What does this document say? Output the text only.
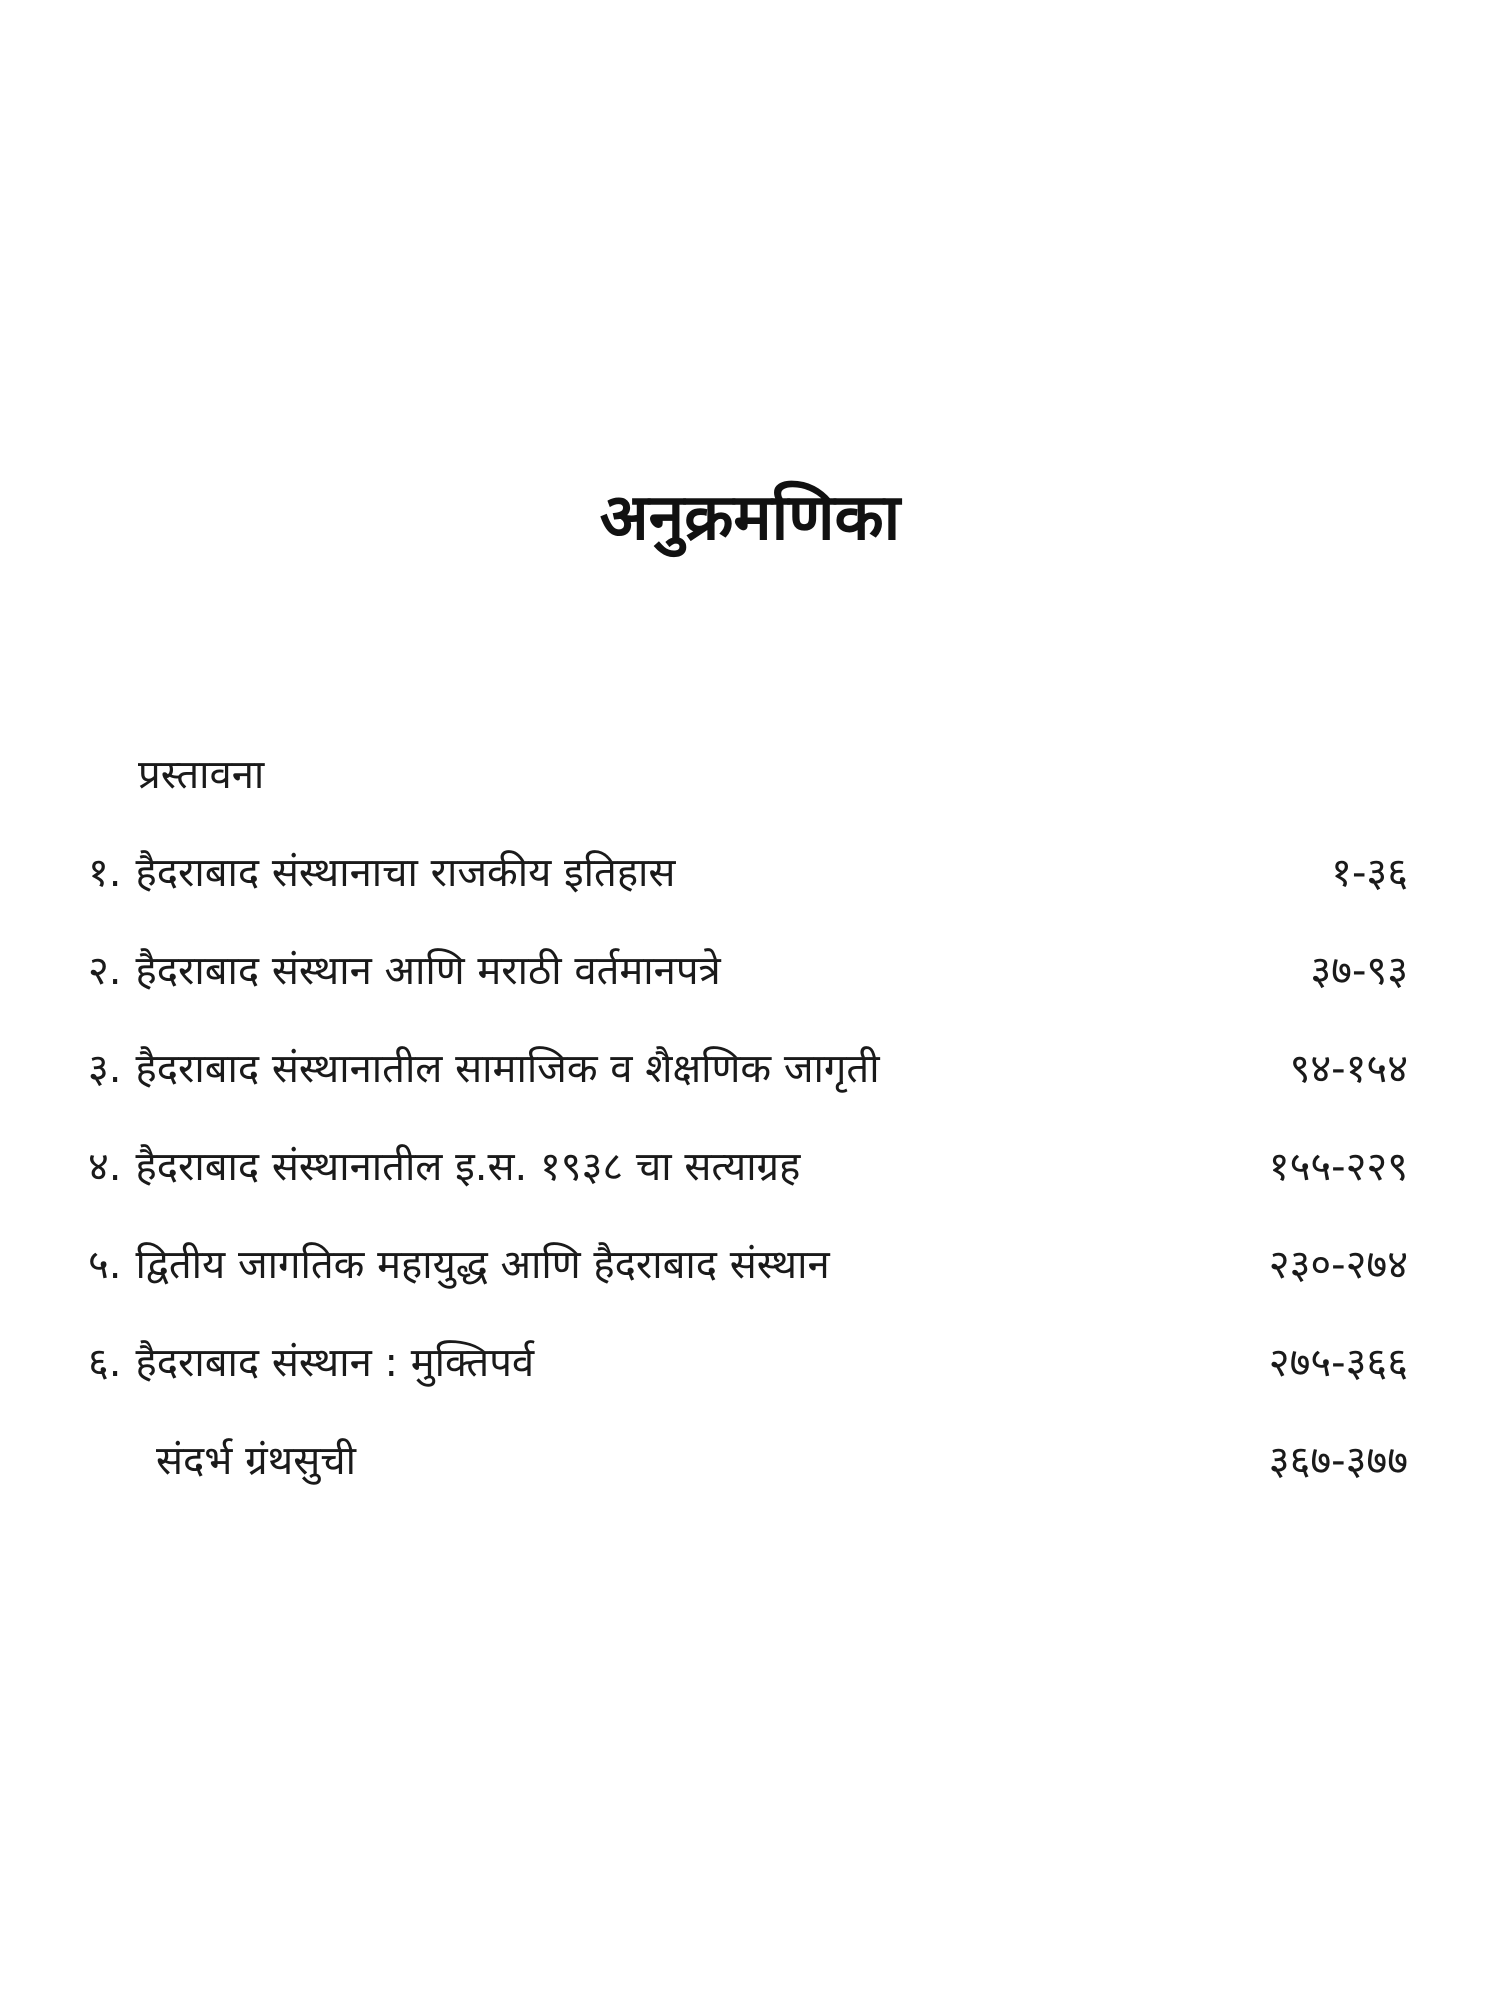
अनुक्रमणिका
प्रस्तावना
१. हैदराबाद संस्थानाचा राजकीय इतिहास	१-३६
२. हैदराबाद संस्थान आणि मराठी वर्तमानपत्रे	३७-९३
३. हैदराबाद संस्थानातील सामाजिक व शैक्षणिक जागृती	९४-१५४
४. हैदराबाद संस्थानातील इ.स. १९३८ चा सत्याग्रह	१५५-२२९
५. द्वितीय जागतिक महायुद्ध आणि हैदराबाद संस्थान	२३०-२७४
६. हैदराबाद संस्थान : मुक्तिपर्व	२७५-३६६
संदर्भ ग्रंथसुची	३६७-३७७
